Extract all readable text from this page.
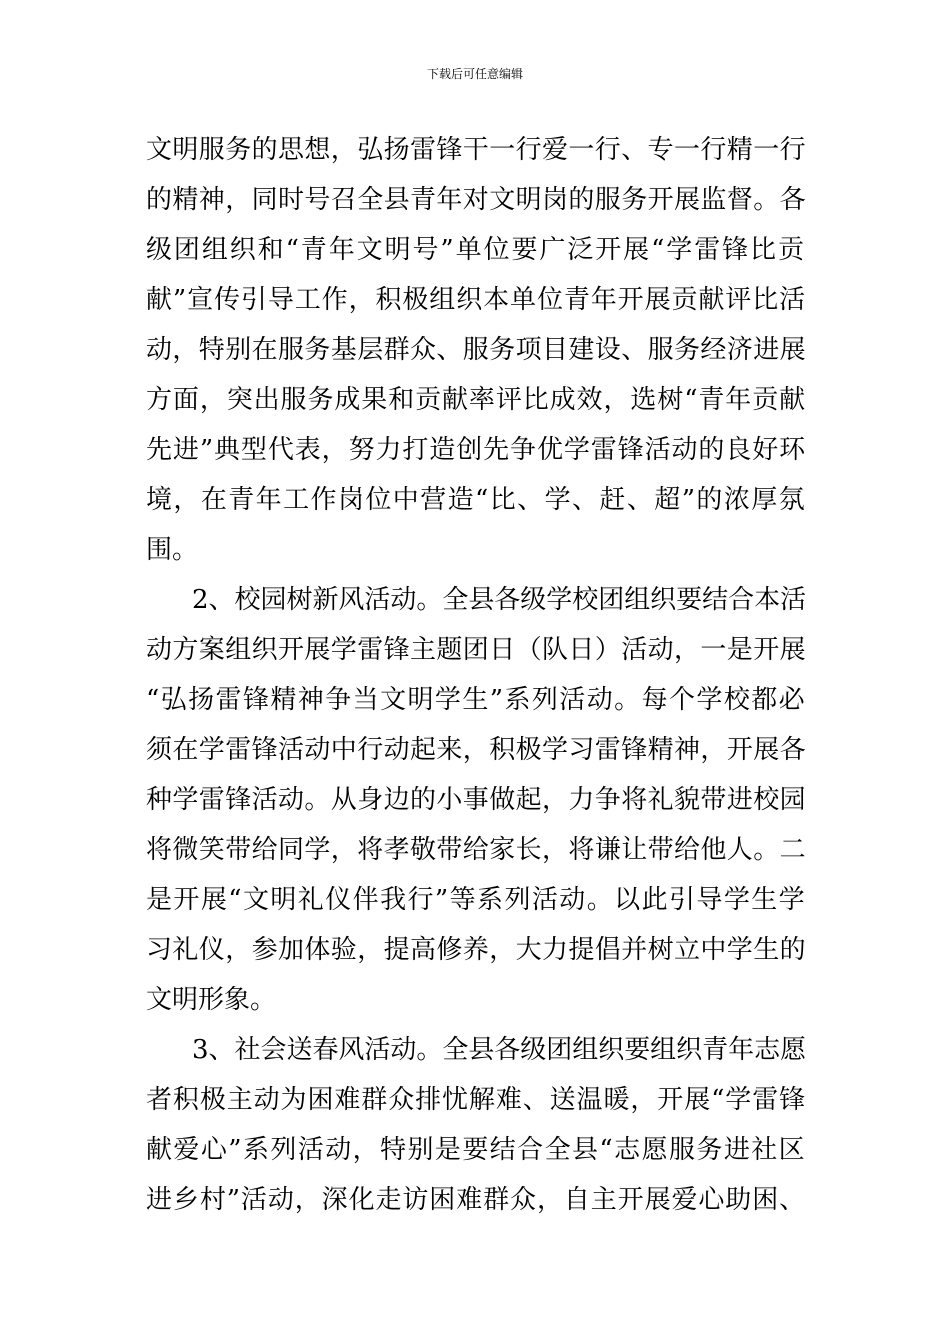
下载后可任意编辑
文明服务的思想，弘扬雷锋干一行爱一行、专一行精一行
的精神，同时号召全县青年对文明岗的服务开展监督。各
级团组织和“青年文明号”单位要广泛开展“学雷锋比贡
献”宣传引导工作，积极组织本单位青年开展贡献评比活
动，特别在服务基层群众、服务项目建设、服务经济进展
方面，突出服务成果和贡献率评比成效，选树“青年贡献
先进”典型代表，努力打造创先争优学雷锋活动的良好环
境，在青年工作岗位中营造“比、学、赶、超”的浓厚氛
围。
2、校园树新风活动。全县各级学校团组织要结合本活
动方案组织开展学雷锋主题团日（队日）活动，一是开展
“弘扬雷锋精神争当文明学生”系列活动。每个学校都必
须在学雷锋活动中行动起来，积极学习雷锋精神，开展各
种学雷锋活动。从身边的小事做起，力争将礼貌带进校园
将微笑带给同学，将孝敬带给家长，将谦让带给他人。二
是开展“文明礼仪伴我行”等系列活动。以此引导学生学
习礼仪，参加体验，提高修养，大力提倡并树立中学生的
文明形象。
3、社会送春风活动。全县各级团组织要组织青年志愿
者积极主动为困难群众排忧解难、送温暖，开展“学雷锋
献爱心”系列活动，特别是要结合全县“志愿服务进社区
进乡村”活动，深化走访困难群众，自主开展爱心助困、
